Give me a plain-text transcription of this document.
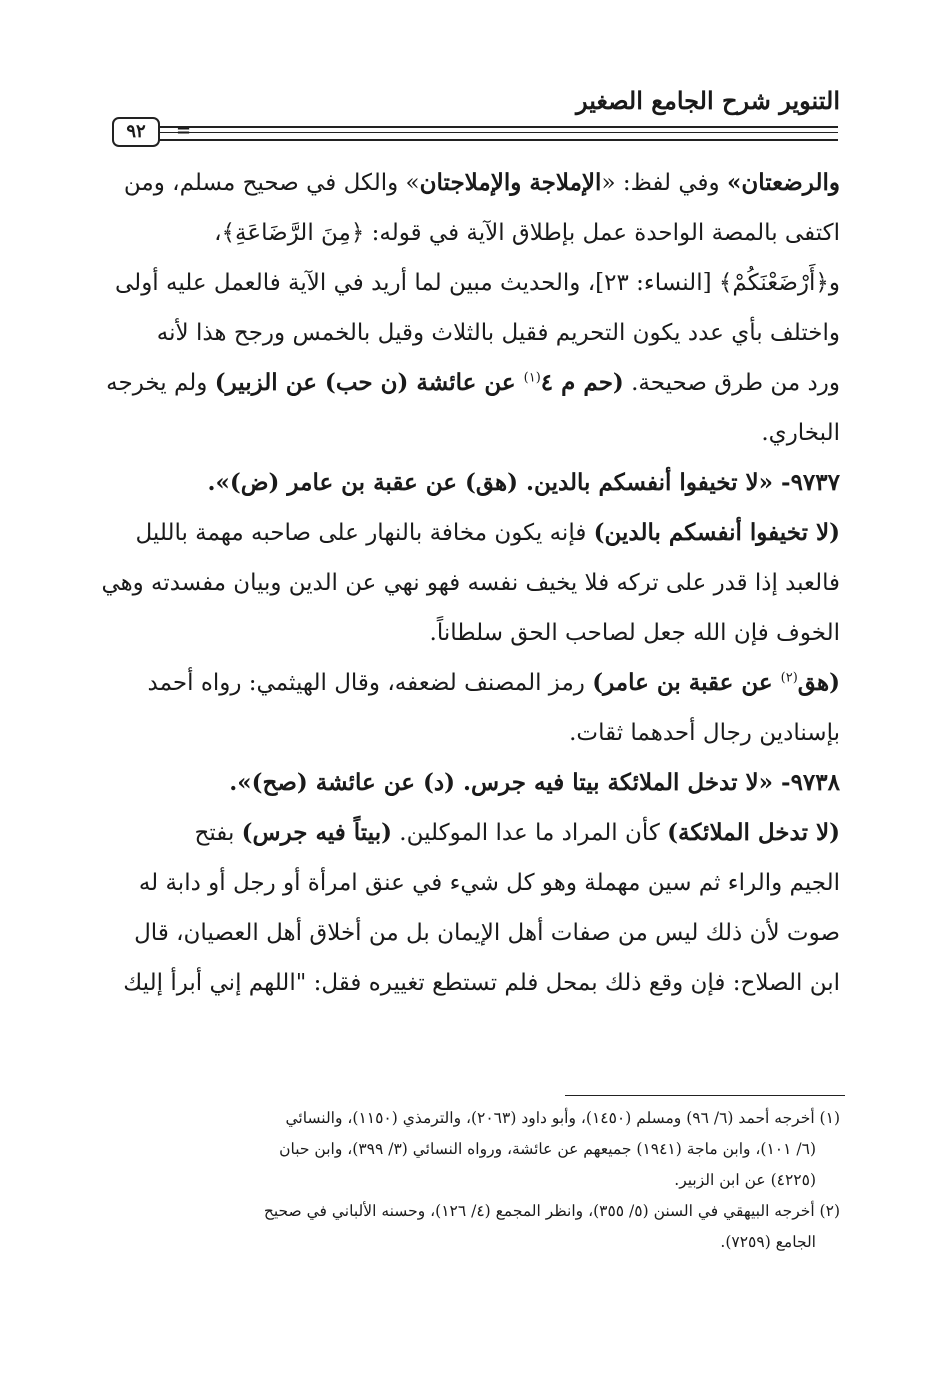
التنوير شرح الجامع الصغير
٩٢	=
والرضعتان» وفي لفظ: «الإملاجة والإملاجتان» والكل في صحيح مسلم، ومن
اكتفى بالمصة الواحدة عمل بإطلاق الآية في قوله: ﴿مِنَ الرَّضَاعَةِ﴾،
و﴿أَرْضَعْنَكُمْ﴾ [النساء: ٢٣]، والحديث مبين لما أريد في الآية فالعمل عليه أولى
واختلف بأي عدد يكون التحريم فقيل بالثلاث وقيل بالخمس ورجح هذا لأنه
ورد من طرق صحيحة. (حم م ٤$^{(١)}$ عن عائشة (ن حب) عن الزبير) ولم يخرجه
البخاري.
٩٧٣٧- «لا تخيفوا أنفسكم بالدين. (هق) عن عقبة بن عامر (ض)».
(لا تخيفوا أنفسكم بالدين) فإنه يكون مخافة بالنهار على صاحبه مهمة بالليل
فالعبد إذا قدر على تركه فلا يخيف نفسه فهو نهي عن الدين وبيان مفسدته وهي
الخوف فإن الله جعل لصاحب الحق سلطاناً.
(هق$^{(٢)}$ عن عقبة بن عامر) رمز المصنف لضعفه، وقال الهيثمي: رواه أحمد
بإسنادين رجال أحدهما ثقات.
٩٧٣٨- «لا تدخل الملائكة بيتا فيه جرس. (د) عن عائشة (صح)».
(لا تدخل الملائكة) كأن المراد ما عدا الموكلين. (بيتاً فيه جرس) بفتح
الجيم والراء ثم سين مهملة وهو كل شيء في عنق امرأة أو رجل أو دابة له
صوت لأن ذلك ليس من صفات أهل الإيمان بل من أخلاق أهل العصيان، قال
ابن الصلاح: فإن وقع ذلك بمحل فلم تستطع تغييره فقل: "اللهم إني أبرأ إليك
(١) أخرجه أحمد (٦/ ٩٦) ومسلم (١٤٥٠)، وأبو داود (٢٠٦٣)، والترمذي (١١٥٠)، والنسائي
(٦/ ١٠١)، وابن ماجة (١٩٤١) جميعهم عن عائشة، ورواه النسائي (٣/ ٣٩٩)، وابن حبان
(٤٢٢٥) عن ابن الزبير.
(٢) أخرجه البيهقي في السنن (٥/ ٣٥٥)، وانظر المجمع (٤/ ١٢٦)، وحسنه الألباني في صحيح
الجامع (٧٢٥٩).
